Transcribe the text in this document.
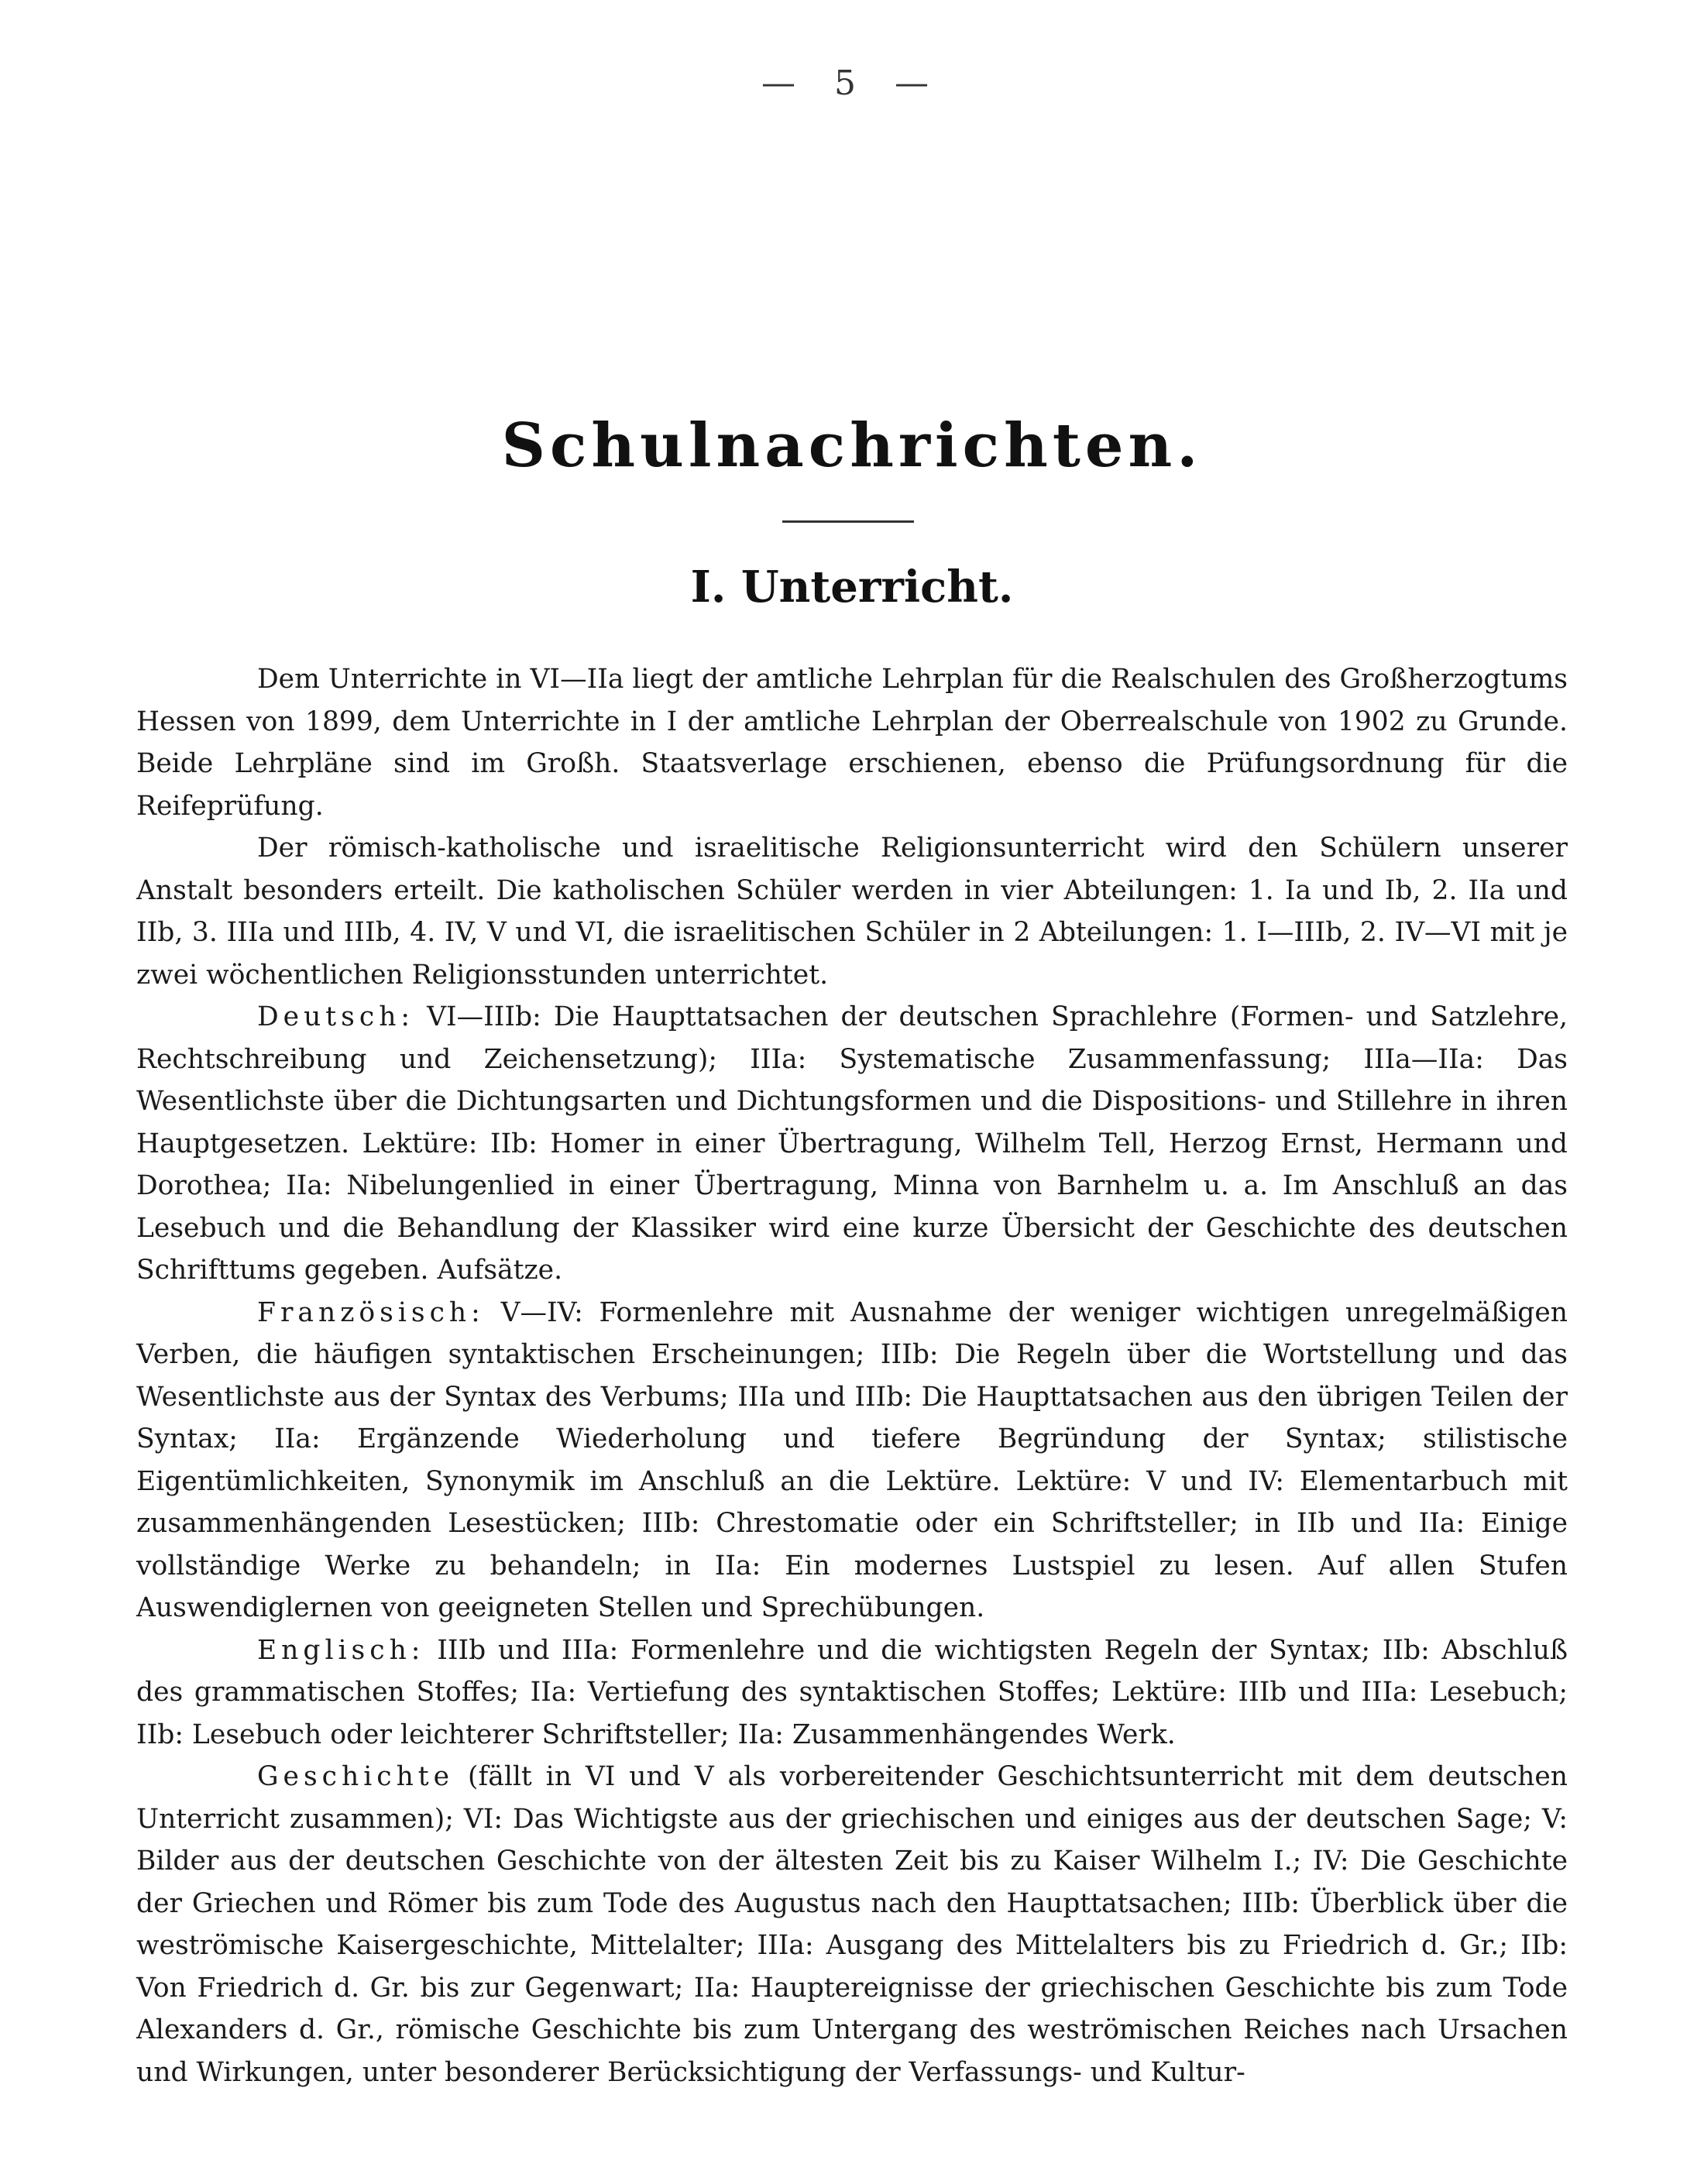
— 5 —
Schulnachrichten.
I. Unterricht.

Dem Unterrichte in VI—IIa liegt der amtliche Lehrplan für die Realschulen des Großherzogtums Hessen von 1899, dem Unterrichte in I der amtliche Lehrplan der Oberrealschule von 1902 zu Grunde. Beide Lehrpläne sind im Großh. Staatsverlage erschienen, ebenso die Prüfungsordnung für die Reifeprüfung.

Der römisch-katholische und israelitische Religionsunterricht wird den Schülern unserer Anstalt besonders erteilt. Die katholischen Schüler werden in vier Abteilungen: 1. Ia und Ib, 2. IIa und IIb, 3. IIIa und IIIb, 4. IV, V und VI, die israelitischen Schüler in 2 Abteilungen: 1. I—IIIb, 2. IV—VI mit je zwei wöchentlichen Religionsstunden unterrichtet.

Deutsch: VI—IIIb: Die Haupttatsachen der deutschen Sprachlehre (Formen- und Satzlehre, Rechtschreibung und Zeichensetzung); IIIa: Systematische Zusammenfassung; IIIa—IIa: Das Wesentlichste über die Dichtungsarten und Dichtungsformen und die Dispositions- und Stillehre in ihren Hauptgesetzen. Lektüre: IIb: Homer in einer Übertragung, Wilhelm Tell, Herzog Ernst, Hermann und Dorothea; IIa: Nibelungenlied in einer Übertragung, Minna von Barnhelm u. a. Im Anschluß an das Lesebuch und die Behandlung der Klassiker wird eine kurze Übersicht der Geschichte des deutschen Schrifttums gegeben. Aufsätze.

Französisch: V—IV: Formenlehre mit Ausnahme der weniger wichtigen unregelmäßigen Verben, die häufigen syntaktischen Erscheinungen; IIIb: Die Regeln über die Wortstellung und das Wesentlichste aus der Syntax des Verbums; IIIa und IIIb: Die Haupttatsachen aus den übrigen Teilen der Syntax; IIa: Ergänzende Wiederholung und tiefere Begründung der Syntax; stilistische Eigentümlichkeiten, Synonymik im Anschluß an die Lektüre. Lektüre: V und IV: Elementarbuch mit zusammenhängenden Lesestücken; IIIb: Chrestomatie oder ein Schriftsteller; in IIb und IIa: Einige vollständige Werke zu behandeln; in IIa: Ein modernes Lustspiel zu lesen. Auf allen Stufen Auswendiglernen von geeigneten Stellen und Sprechübungen.

Englisch: IIIb und IIIa: Formenlehre und die wichtigsten Regeln der Syntax; IIb: Abschluß des grammatischen Stoffes; IIa: Vertiefung des syntaktischen Stoffes; Lektüre: IIIb und IIIa: Lesebuch; IIb: Lesebuch oder leichterer Schriftsteller; IIa: Zusammenhängendes Werk.

Geschichte (fällt in VI und V als vorbereitender Geschichtsunterricht mit dem deutschen Unterricht zusammen); VI: Das Wichtigste aus der griechischen und einiges aus der deutschen Sage; V: Bilder aus der deutschen Geschichte von der ältesten Zeit bis zu Kaiser Wilhelm I.; IV: Die Geschichte der Griechen und Römer bis zum Tode des Augustus nach den Haupttatsachen; IIIb: Überblick über die weströmische Kaisergeschichte, Mittelalter; IIIa: Ausgang des Mittelalters bis zu Friedrich d. Gr.; IIb: Von Friedrich d. Gr. bis zur Gegenwart; IIa: Hauptereignisse der griechischen Geschichte bis zum Tode Alexanders d. Gr., römische Geschichte bis zum Untergang des weströmischen Reiches nach Ursachen und Wirkungen, unter besonderer Berücksichtigung der Verfassungs- und Kultur-
